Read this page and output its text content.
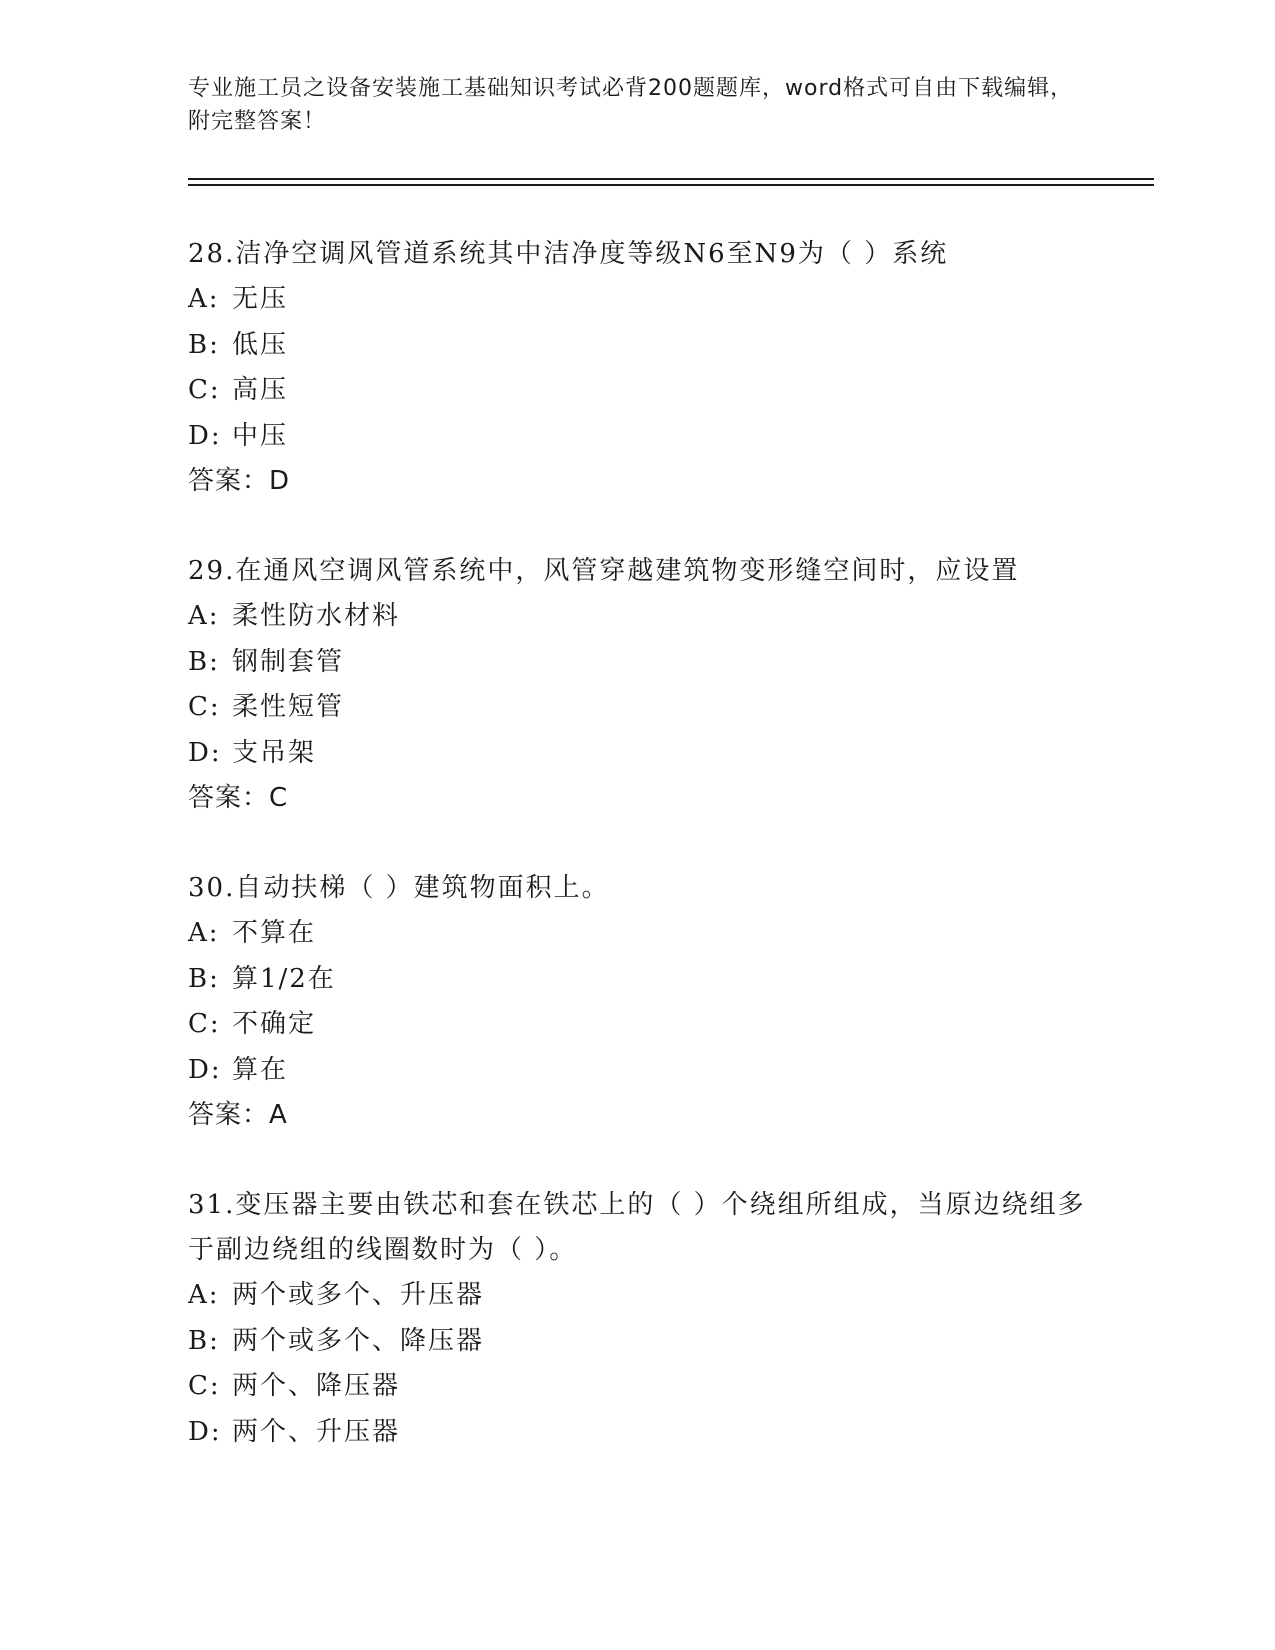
专业施工员之设备安装施工基础知识考试必背200题题库，word格式可自由下载编辑，附完整答案！
28.洁净空调风管道系统其中洁净度等级N6至N9为（ ）系统
A: 无压
B: 低压
C: 高压
D: 中压
答案：D
29.在通风空调风管系统中，风管穿越建筑物变形缝空间时，应设置
A: 柔性防水材料
B: 钢制套管
C: 柔性短管
D: 支吊架
答案：C
30.自动扶梯（ ）建筑物面积上。
A: 不算在
B: 算1/2在
C: 不确定
D: 算在
答案：A
31.变压器主要由铁芯和套在铁芯上的（ ）个绕组所组成，当原边绕组多于副边绕组的线圈数时为（ ）。
A: 两个或多个、升压器
B: 两个或多个、降压器
C: 两个、降压器
D: 两个、升压器
